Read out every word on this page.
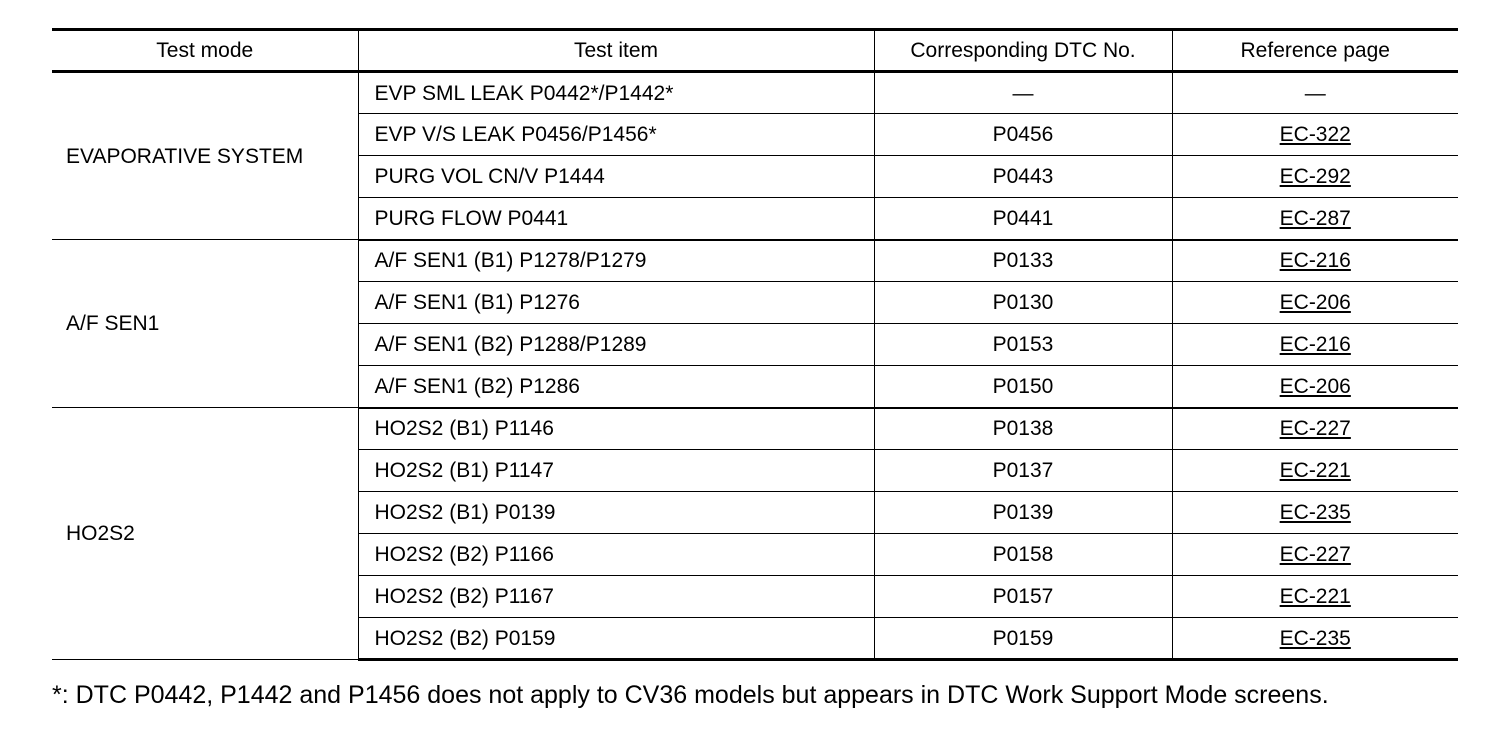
Test mode	Test item	Corresponding DTC No.	Reference page
EVAPORATIVE SYSTEM	EVP SML LEAK P0442*/P1442*	—	—
	EVP V/S LEAK P0456/P1456*	P0456	EC-322
	PURG VOL CN/V P1444	P0443	EC-292
	PURG FLOW P0441	P0441	EC-287
A/F SEN1	A/F SEN1 (B1) P1278/P1279	P0133	EC-216
	A/F SEN1 (B1) P1276	P0130	EC-206
	A/F SEN1 (B2) P1288/P1289	P0153	EC-216
	A/F SEN1 (B2) P1286	P0150	EC-206
HO2S2	HO2S2 (B1) P1146	P0138	EC-227
	HO2S2 (B1) P1147	P0137	EC-221
	HO2S2 (B1) P0139	P0139	EC-235
	HO2S2 (B2) P1166	P0158	EC-227
	HO2S2 (B2) P1167	P0157	EC-221
	HO2S2 (B2) P0159	P0159	EC-235

*: DTC P0442, P1442 and P1456 does not apply to CV36 models but appears in DTC Work Support Mode screens.
